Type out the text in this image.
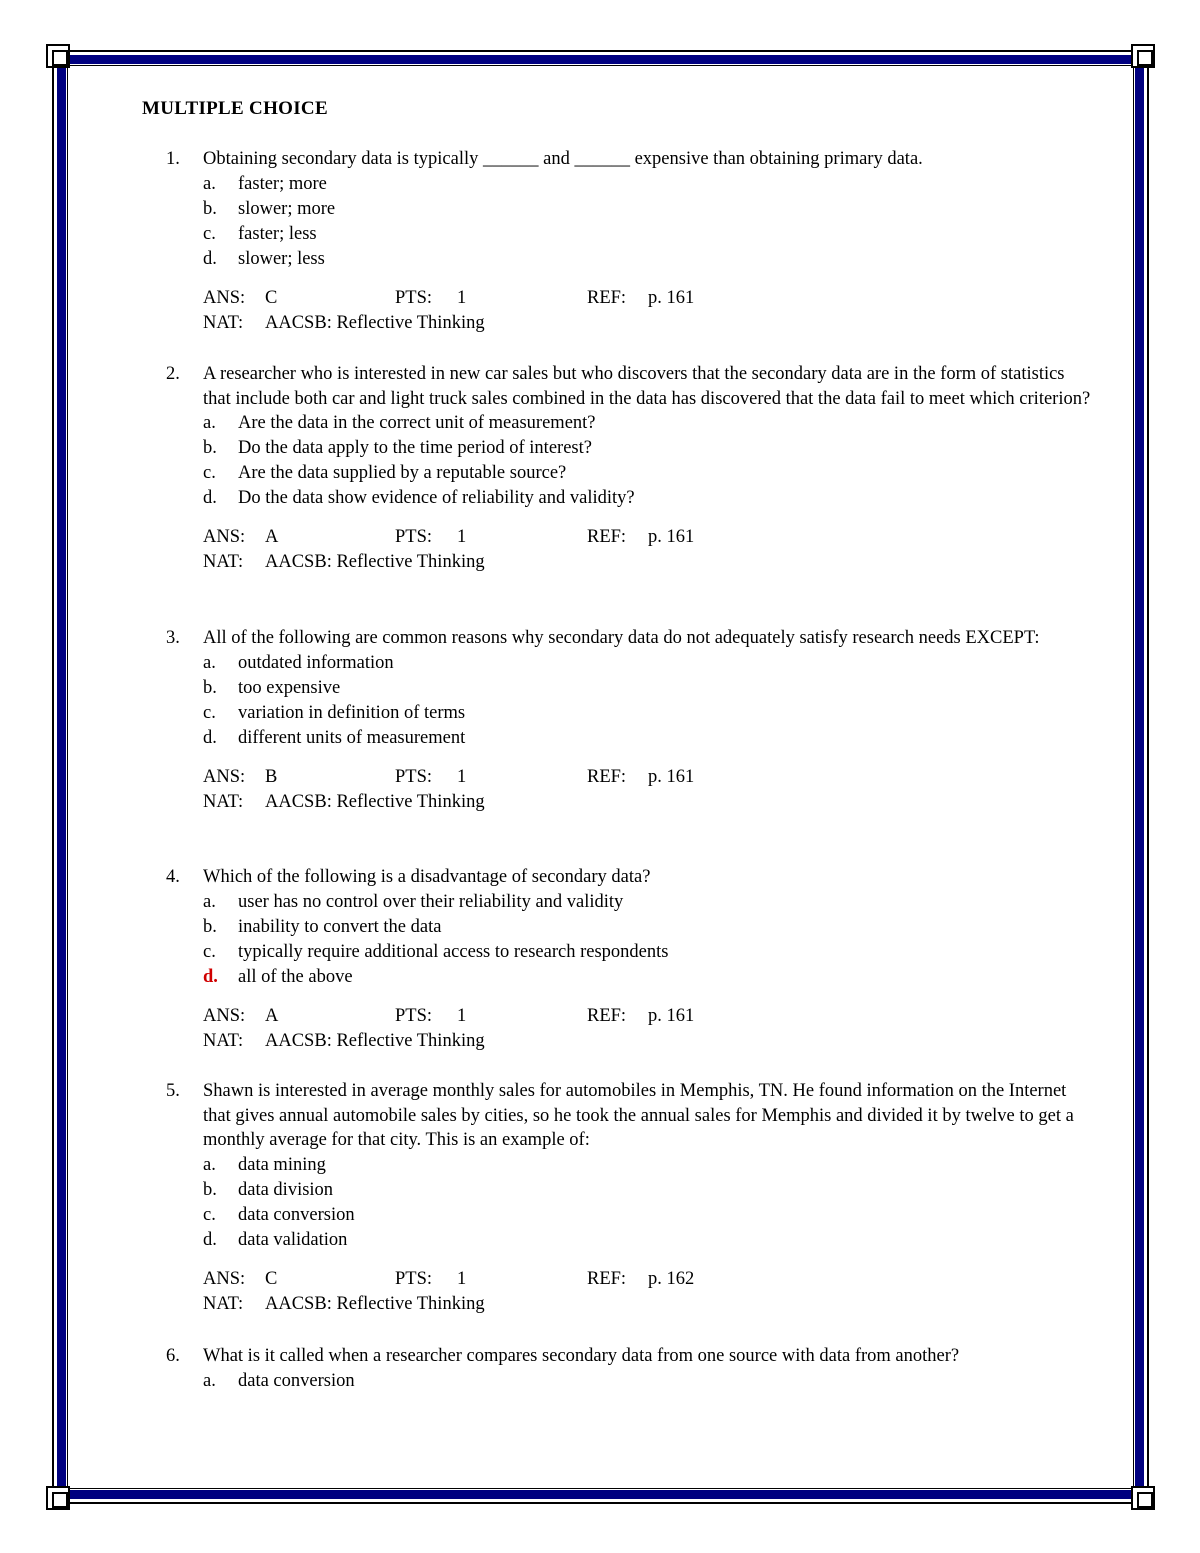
MULTIPLE CHOICE
1.	Obtaining secondary data is typically ______ and ______ expensive than obtaining primary data.
a. faster; more
b. slower; more
c. faster; less
d. slower; less
ANS: C	PTS: 1	REF: p. 161
NAT: AACSB: Reflective Thinking
2.	A researcher who is interested in new car sales but who discovers that the secondary data are in the form of statistics that include both car and light truck sales combined in the data has discovered that the data fail to meet which criterion?
a. Are the data in the correct unit of measurement?
b. Do the data apply to the time period of interest?
c. Are the data supplied by a reputable source?
d. Do the data show evidence of reliability and validity?
ANS: A	PTS: 1	REF: p. 161
NAT: AACSB: Reflective Thinking
3.	All of the following are common reasons why secondary data do not adequately satisfy research needs EXCEPT:
a. outdated information
b. too expensive
c. variation in definition of terms
d. different units of measurement
ANS: B	PTS: 1	REF: p. 161
NAT: AACSB: Reflective Thinking
4.	Which of the following is a disadvantage of secondary data?
a. user has no control over their reliability and validity
b. inability to convert the data
c. typically require additional access to research respondents
d. all of the above
ANS: A	PTS: 1	REF: p. 161
NAT: AACSB: Reflective Thinking
5.	Shawn is interested in average monthly sales for automobiles in Memphis, TN. He found information on the Internet that gives annual automobile sales by cities, so he took the annual sales for Memphis and divided it by twelve to get a monthly average for that city. This is an example of:
a. data mining
b. data division
c. data conversion
d. data validation
ANS: C	PTS: 1	REF: p. 162
NAT: AACSB: Reflective Thinking
6.	What is it called when a researcher compares secondary data from one source with data from another?
a. data conversion
